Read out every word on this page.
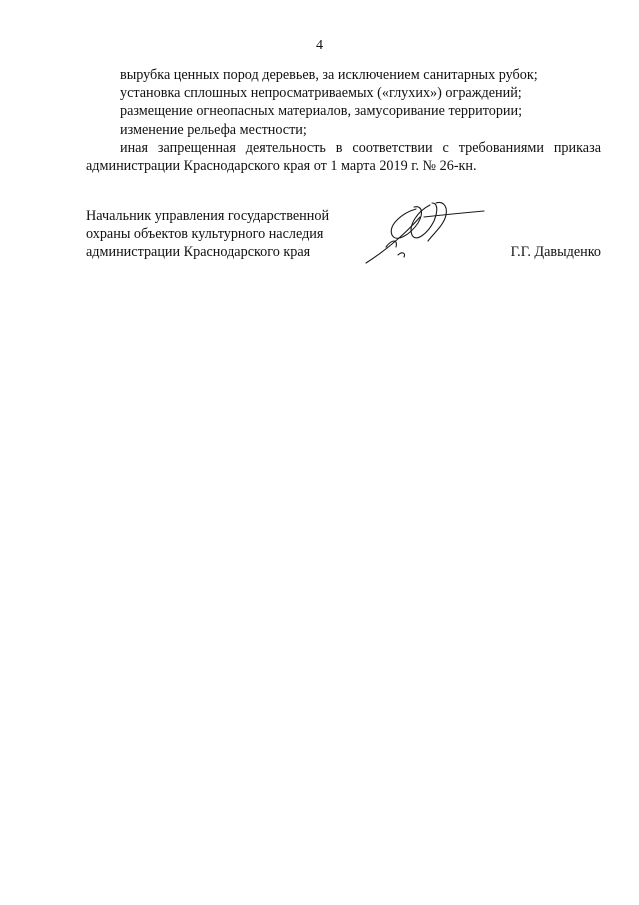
4

вырубка ценных пород деревьев, за исключением санитарных рубок;

установка сплошных непросматриваемых («глухих») ограждений;

размещение огнеопасных материалов, замусоривание территории;

изменение рельефа местности;

иная запрещенная деятельность в соответствии с требованиями приказа администрации Краснодарского края от 1 марта 2019 г. № 26-кн.

Начальник управления государственной
охраны объектов культурного наследия
администрации Краснодарского края	Г.Г. Давыденко
